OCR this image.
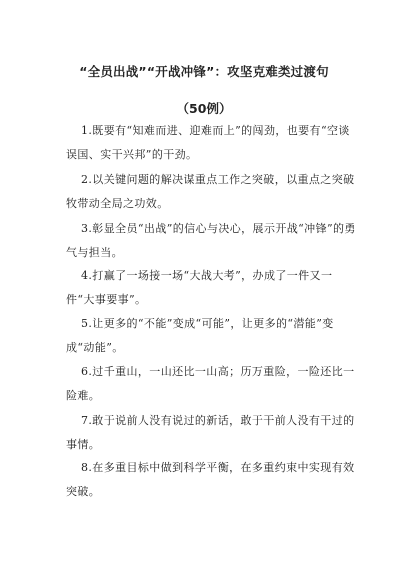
“全员出战”“开战冲锋”：攻坚克难类过渡句
（50例）

1.既要有“知难而进、迎难而上”的闯劲，也要有“空谈误国、实干兴邦”的干劲。

2.以关键问题的解决谋重点工作之突破，以重点之突破牧带动全局之功效。

3.彰显全员“出战”的信心与决心，展示开战“冲锋”的勇气与担当。

4.打赢了一场接一场“大战大考”，办成了一件又一件“大事要事”。

5.让更多的“不能”变成“可能”，让更多的“潜能”变成“动能”。

6.过千重山，一山还比一山高；历万重险，一险还比一险难。

7.敢于说前人没有说过的新话，敢于干前人没有干过的事情。

8.在多重目标中做到科学平衡，在多重约束中实现有效突破。
